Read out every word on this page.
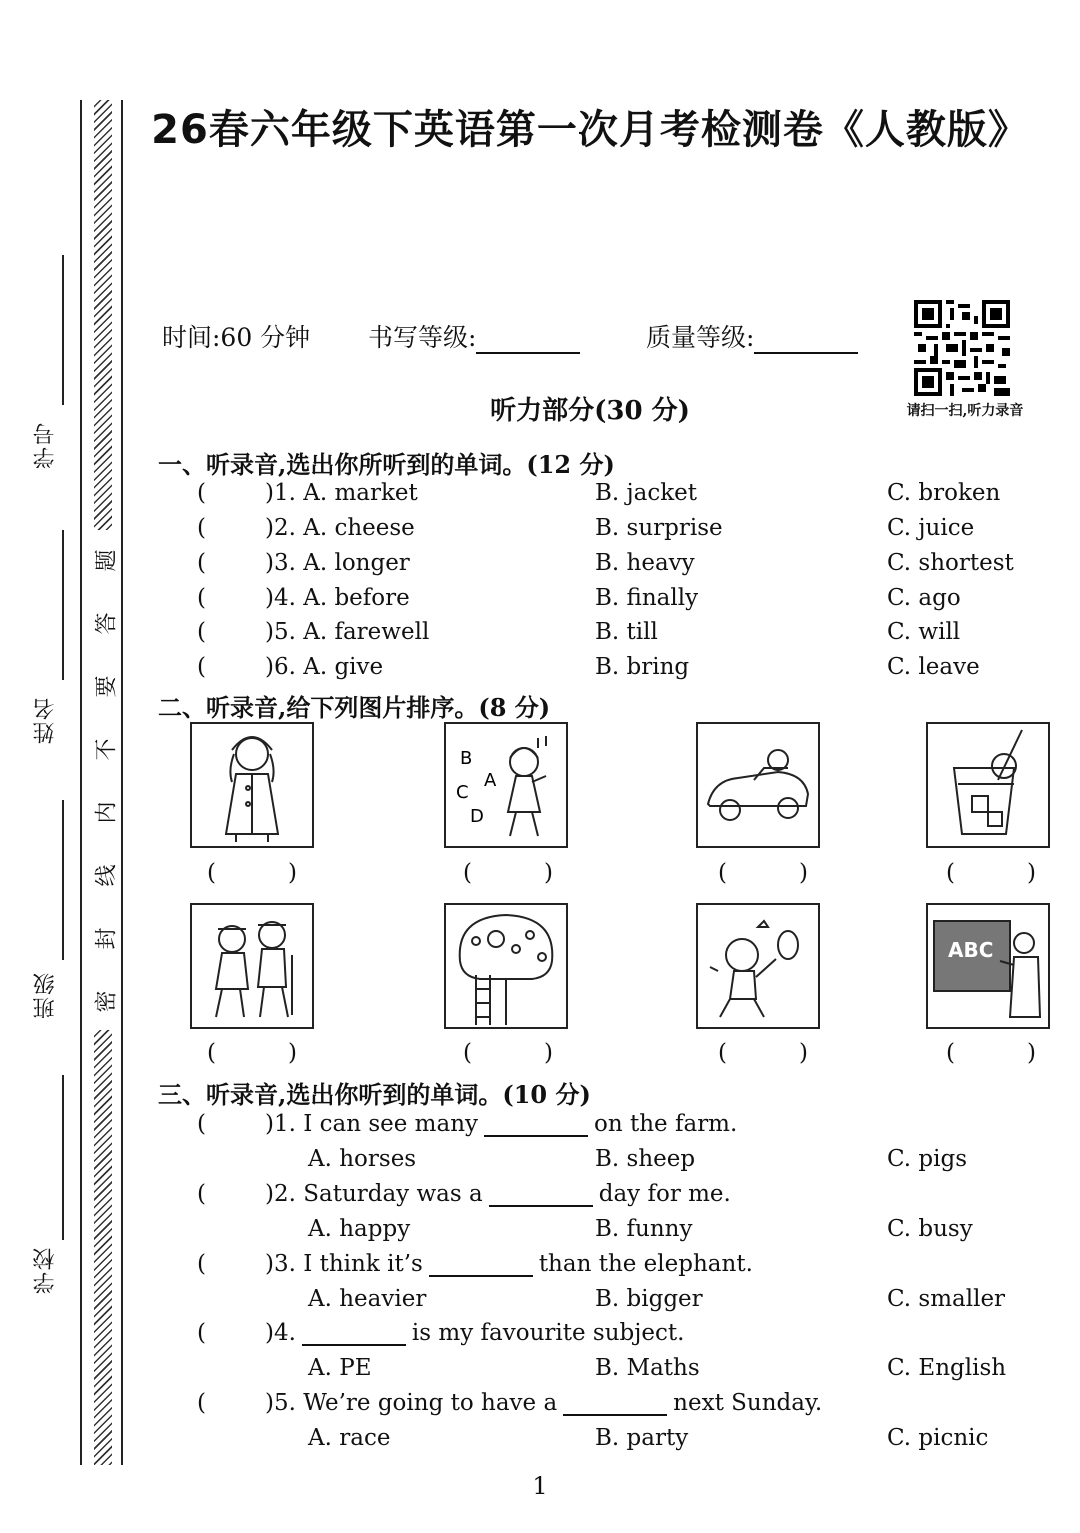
学号
姓名
班级
学校
题
答
要
不
内
线
封
密
26春六年级下英语第一次月考检测卷《人教版》
时间:60 分钟 书写等级:	质量等级:
请扫一扫,听力录音
听力部分(30 分)
一、听录音,选出你所听到的单词。(12 分)
(	)1. A. market	B. jacket	C. broken
(	)2. A. cheese	B. surprise	C. juice
(	)3. A. longer	B. heavy	C. shortest
(	)4. A. before	B. finally	C. ago
(	)5. A. farewell	B. till	C. will
(	)6. A. give	B. bring	C. leave
二、听录音,给下列图片排序。(8 分)
B
C
A
D
(	)	(	)	(	)	(	)
ABC
(	)	(	)	(	)	(	)
三、听录音,选出你听到的单词。(10 分)
(	)1. I can see many	on the farm.
A. horses	B. sheep	C. pigs
(	)2. Saturday was a	day for me.
A. happy	B. funny	C. busy
(	)3. I think it’s	than the elephant.
A. heavier	B. bigger	C. smaller
(	)4.	is my favourite subject.
A. PE	B. Maths	C. English
(	)5. We’re going to have a	next Sunday.
A. race	B. party	C. picnic
1
